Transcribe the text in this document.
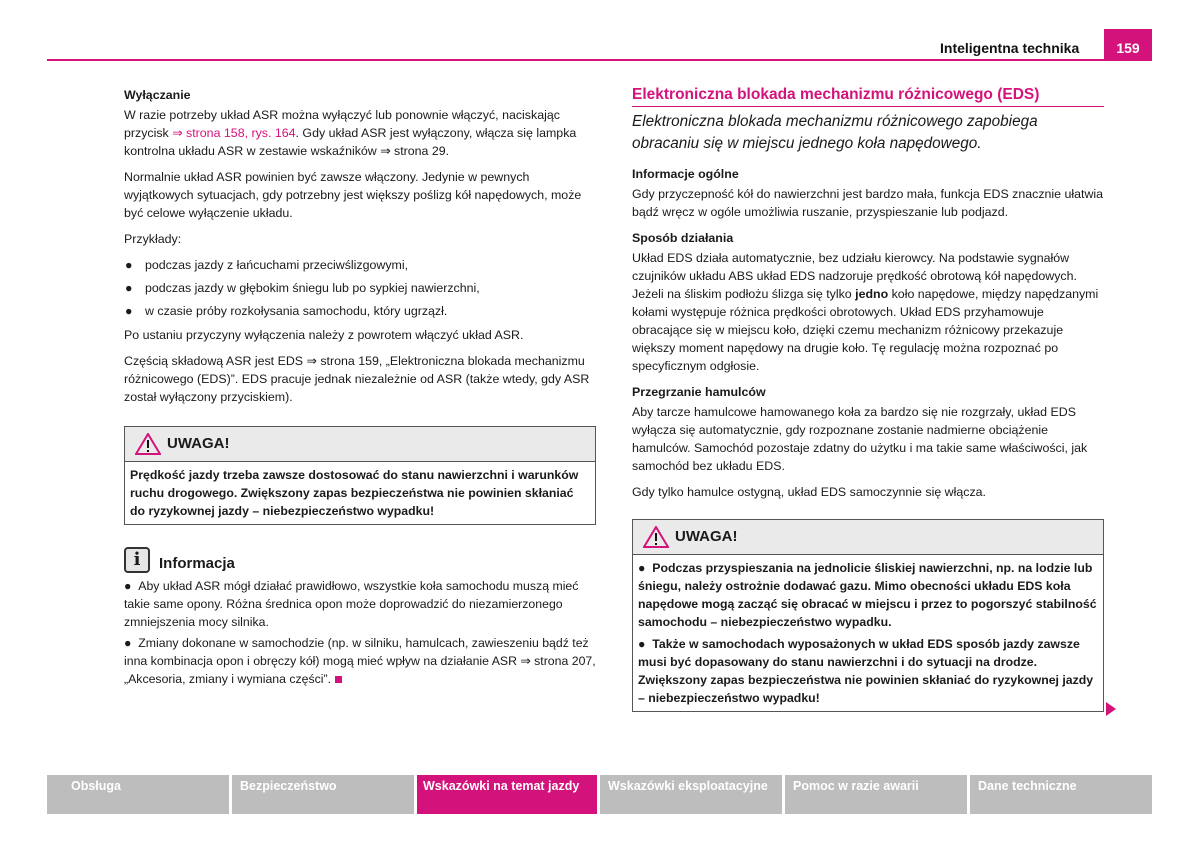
Inteligentna technika	159

Wyłączanie

W razie potrzeby układ ASR można wyłączyć lub ponownie włączyć, naciskając przycisk ⇒ strona 158, rys. 164. Gdy układ ASR jest wyłączony, włącza się lampka kontrolna układu ASR w zestawie wskaźników ⇒ strona 29.

Normalnie układ ASR powinien być zawsze włączony. Jedynie w pewnych wyjątkowych sytuacjach, gdy potrzebny jest większy poślizg kół napędowych, może być celowe wyłączenie układu.

Przykłady:

● podczas jazdy z łańcuchami przeciwślizgowymi,
● podczas jazdy w głębokim śniegu lub po sypkiej nawierzchni,
● w czasie próby rozkołysania samochodu, który ugrzązł.

Po ustaniu przyczyny wyłączenia należy z powrotem włączyć układ ASR.

Częścią składową ASR jest EDS ⇒ strona 159, „Elektroniczna blokada mechanizmu różnicowego (EDS)”. EDS pracuje jednak niezależnie od ASR (także wtedy, gdy ASR został wyłączony przyciskiem).

UWAGA!

Prędkość jazdy trzeba zawsze dostosować do stanu nawierzchni i warunków ruchu drogowego. Zwiększony zapas bezpieczeństwa nie powinien skłaniać do ryzykownej jazdy – niebezpieczeństwo wypadku!

i	Informacja

●  Aby układ ASR mógł działać prawidłowo, wszystkie koła samochodu muszą mieć takie same opony. Różna średnica opon może doprowadzić do niezamierzonego zmniejszenia mocy silnika.

●  Zmiany dokonane w samochodzie (np. w silniku, hamulcach, zawieszeniu bądź też inna kombinacja opon i obręczy kół) mogą mieć wpływ na działanie ASR ⇒ strona 207, „Akcesoria, zmiany i wymiana części”.

Elektroniczna blokada mechanizmu różnicowego (EDS)

Elektroniczna blokada mechanizmu różnicowego zapobiega obracaniu się w miejscu jednego koła napędowego.

Informacje ogólne

Gdy przyczepność kół do nawierzchni jest bardzo mała, funkcja EDS znacznie ułatwia bądź wręcz w ogóle umożliwia ruszanie, przyspieszanie lub podjazd.

Sposób działania

Układ EDS działa automatycznie, bez udziału kierowcy. Na podstawie sygnałów czujników układu ABS układ EDS nadzoruje prędkość obrotową kół napędowych. Jeżeli na śliskim podłożu ślizga się tylko jedno koło napędowe, między napędzanymi kołami występuje różnica prędkości obrotowych. Układ EDS przyhamowuje obracające się w miejscu koło, dzięki czemu mechanizm różnicowy przekazuje większy moment napędowy na drugie koło. Tę regulację można rozpoznać po specyficznym odgłosie.

Przegrzanie hamulców

Aby tarcze hamulcowe hamowanego koła za bardzo się nie rozgrzały, układ EDS wyłącza się automatycznie, gdy rozpoznane zostanie nadmierne obciążenie hamulców. Samochód pozostaje zdatny do użytku i ma takie same właściwości, jak samochód bez układu EDS.

Gdy tylko hamulce ostygną, układ EDS samoczynnie się włącza.

UWAGA!

●  Podczas przyspieszania na jednolicie śliskiej nawierzchni, np. na lodzie lub śniegu, należy ostrożnie dodawać gazu. Mimo obecności układu EDS koła napędowe mogą zacząć się obracać w miejscu i przez to pogorszyć stabilność samochodu – niebezpieczeństwo wypadku.

●  Także w samochodach wyposażonych w układ EDS sposób jazdy zawsze musi być dopasowany do stanu nawierzchni i do sytuacji na drodze. Zwiększony zapas bezpieczeństwa nie powinien skłaniać do ryzykownej jazdy – niebezpieczeństwo wypadku!

Obsługa	Bezpieczeństwo	Wskazówki na temat jazdy	Wskazówki eksploatacyjne	Pomoc w razie awarii	Dane techniczne
